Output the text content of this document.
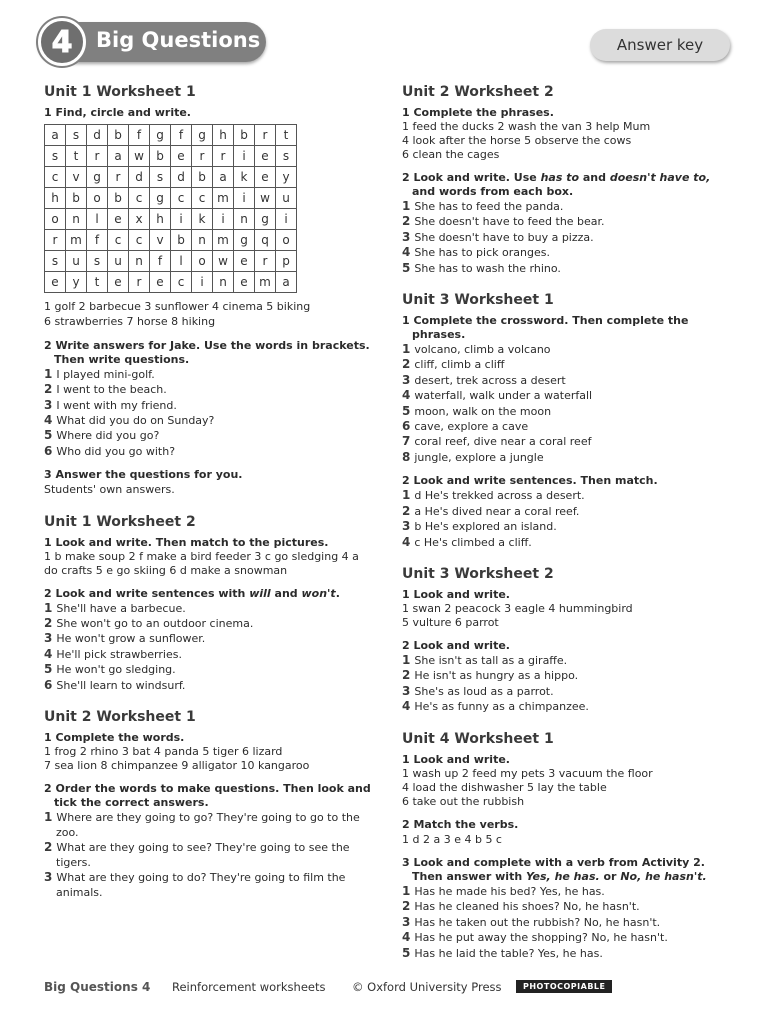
4 Big Questions	Answer key
Unit 1 Worksheet 1

1 Find, circle and write.

a	s	d	b	f	g	f	g	h	b	r	t
s	t	r	a	w	b	e	r	r	i	e	s
c	v	g	r	d	s	d	b	a	k	e	y
h	b	o	b	c	g	c	c	m	i	w	u
o	n	l	e	x	h	i	k	i	n	g	i
r	m	f	c	c	v	b	n	m	g	q	o
s	u	s	u	n	f	l	o	w	e	r	p
e	y	t	e	r	e	c	i	n	e	m	a

1 golf 2 barbecue 3 sunflower 4 cinema 5 biking

6 strawberries 7 horse 8 hiking

2 Write answers for Jake. Use the words in brackets. Then write questions.

1 I played mini-golf.

2 I went to the beach.

3 I went with my friend.

4 What did you do on Sunday?

5 Where did you go?

6 Who did you go with?

3 Answer the questions for you.

Students' own answers.

Unit 1 Worksheet 2

1 Look and write. Then match to the pictures.

1 b make soup 2 f make a bird feeder 3 c go sledging 4 a do crafts 5 e go skiing 6 d make a snowman

2 Look and write sentences with will and won't.

1 She'll have a barbecue.

2 She won't go to an outdoor cinema.

3 He won't grow a sunflower.

4 He'll pick strawberries.

5 He won't go sledging.

6 She'll learn to windsurf.

Unit 2 Worksheet 1

1 Complete the words.

1 frog 2 rhino 3 bat 4 panda 5 tiger 6 lizard

7 sea lion 8 chimpanzee 9 alligator 10 kangaroo

2 Order the words to make questions. Then look and tick the correct answers.

1 Where are they going to go? They're going to go to the zoo.

2 What are they going to see? They're going to see the tigers.

3 What are they going to do? They're going to film the animals.

Unit 2 Worksheet 2

1 Complete the phrases.

1 feed the ducks 2 wash the van 3 help Mum

4 look after the horse 5 observe the cows

6 clean the cages

2 Look and write. Use has to and doesn't have to, and words from each box.

1 She has to feed the panda.

2 She doesn't have to feed the bear.

3 She doesn't have to buy a pizza.

4 She has to pick oranges.

5 She has to wash the rhino.

Unit 3 Worksheet 1

1 Complete the crossword. Then complete the phrases.

1 volcano, climb a volcano

2 cliff, climb a cliff

3 desert, trek across a desert

4 waterfall, walk under a waterfall

5 moon, walk on the moon

6 cave, explore a cave

7 coral reef, dive near a coral reef

8 jungle, explore a jungle

2 Look and write sentences. Then match.

1 d He's trekked across a desert.

2 a He's dived near a coral reef.

3 b He's explored an island.

4 c He's climbed a cliff.

Unit 3 Worksheet 2

1 Look and write.

1 swan 2 peacock 3 eagle 4 hummingbird

5 vulture 6 parrot

2 Look and write.

1 She isn't as tall as a giraffe.

2 He isn't as hungry as a hippo.

3 She's as loud as a parrot.

4 He's as funny as a chimpanzee.

Unit 4 Worksheet 1

1 Look and write.

1 wash up 2 feed my pets 3 vacuum the floor

4 load the dishwasher 5 lay the table

6 take out the rubbish

2 Match the verbs.

1 d 2 a 3 e 4 b 5 c

3 Look and complete with a verb from Activity 2. Then answer with Yes, he has. or No, he hasn't.

1 Has he made his bed? Yes, he has.

2 Has he cleaned his shoes? No, he hasn't.

3 Has he taken out the rubbish? No, he hasn't.

4 Has he put away the shopping? No, he hasn't.

5 Has he laid the table? Yes, he has.

Big Questions 4 Reinforcement worksheets © Oxford University Press	PHOTOCOPIABLE
